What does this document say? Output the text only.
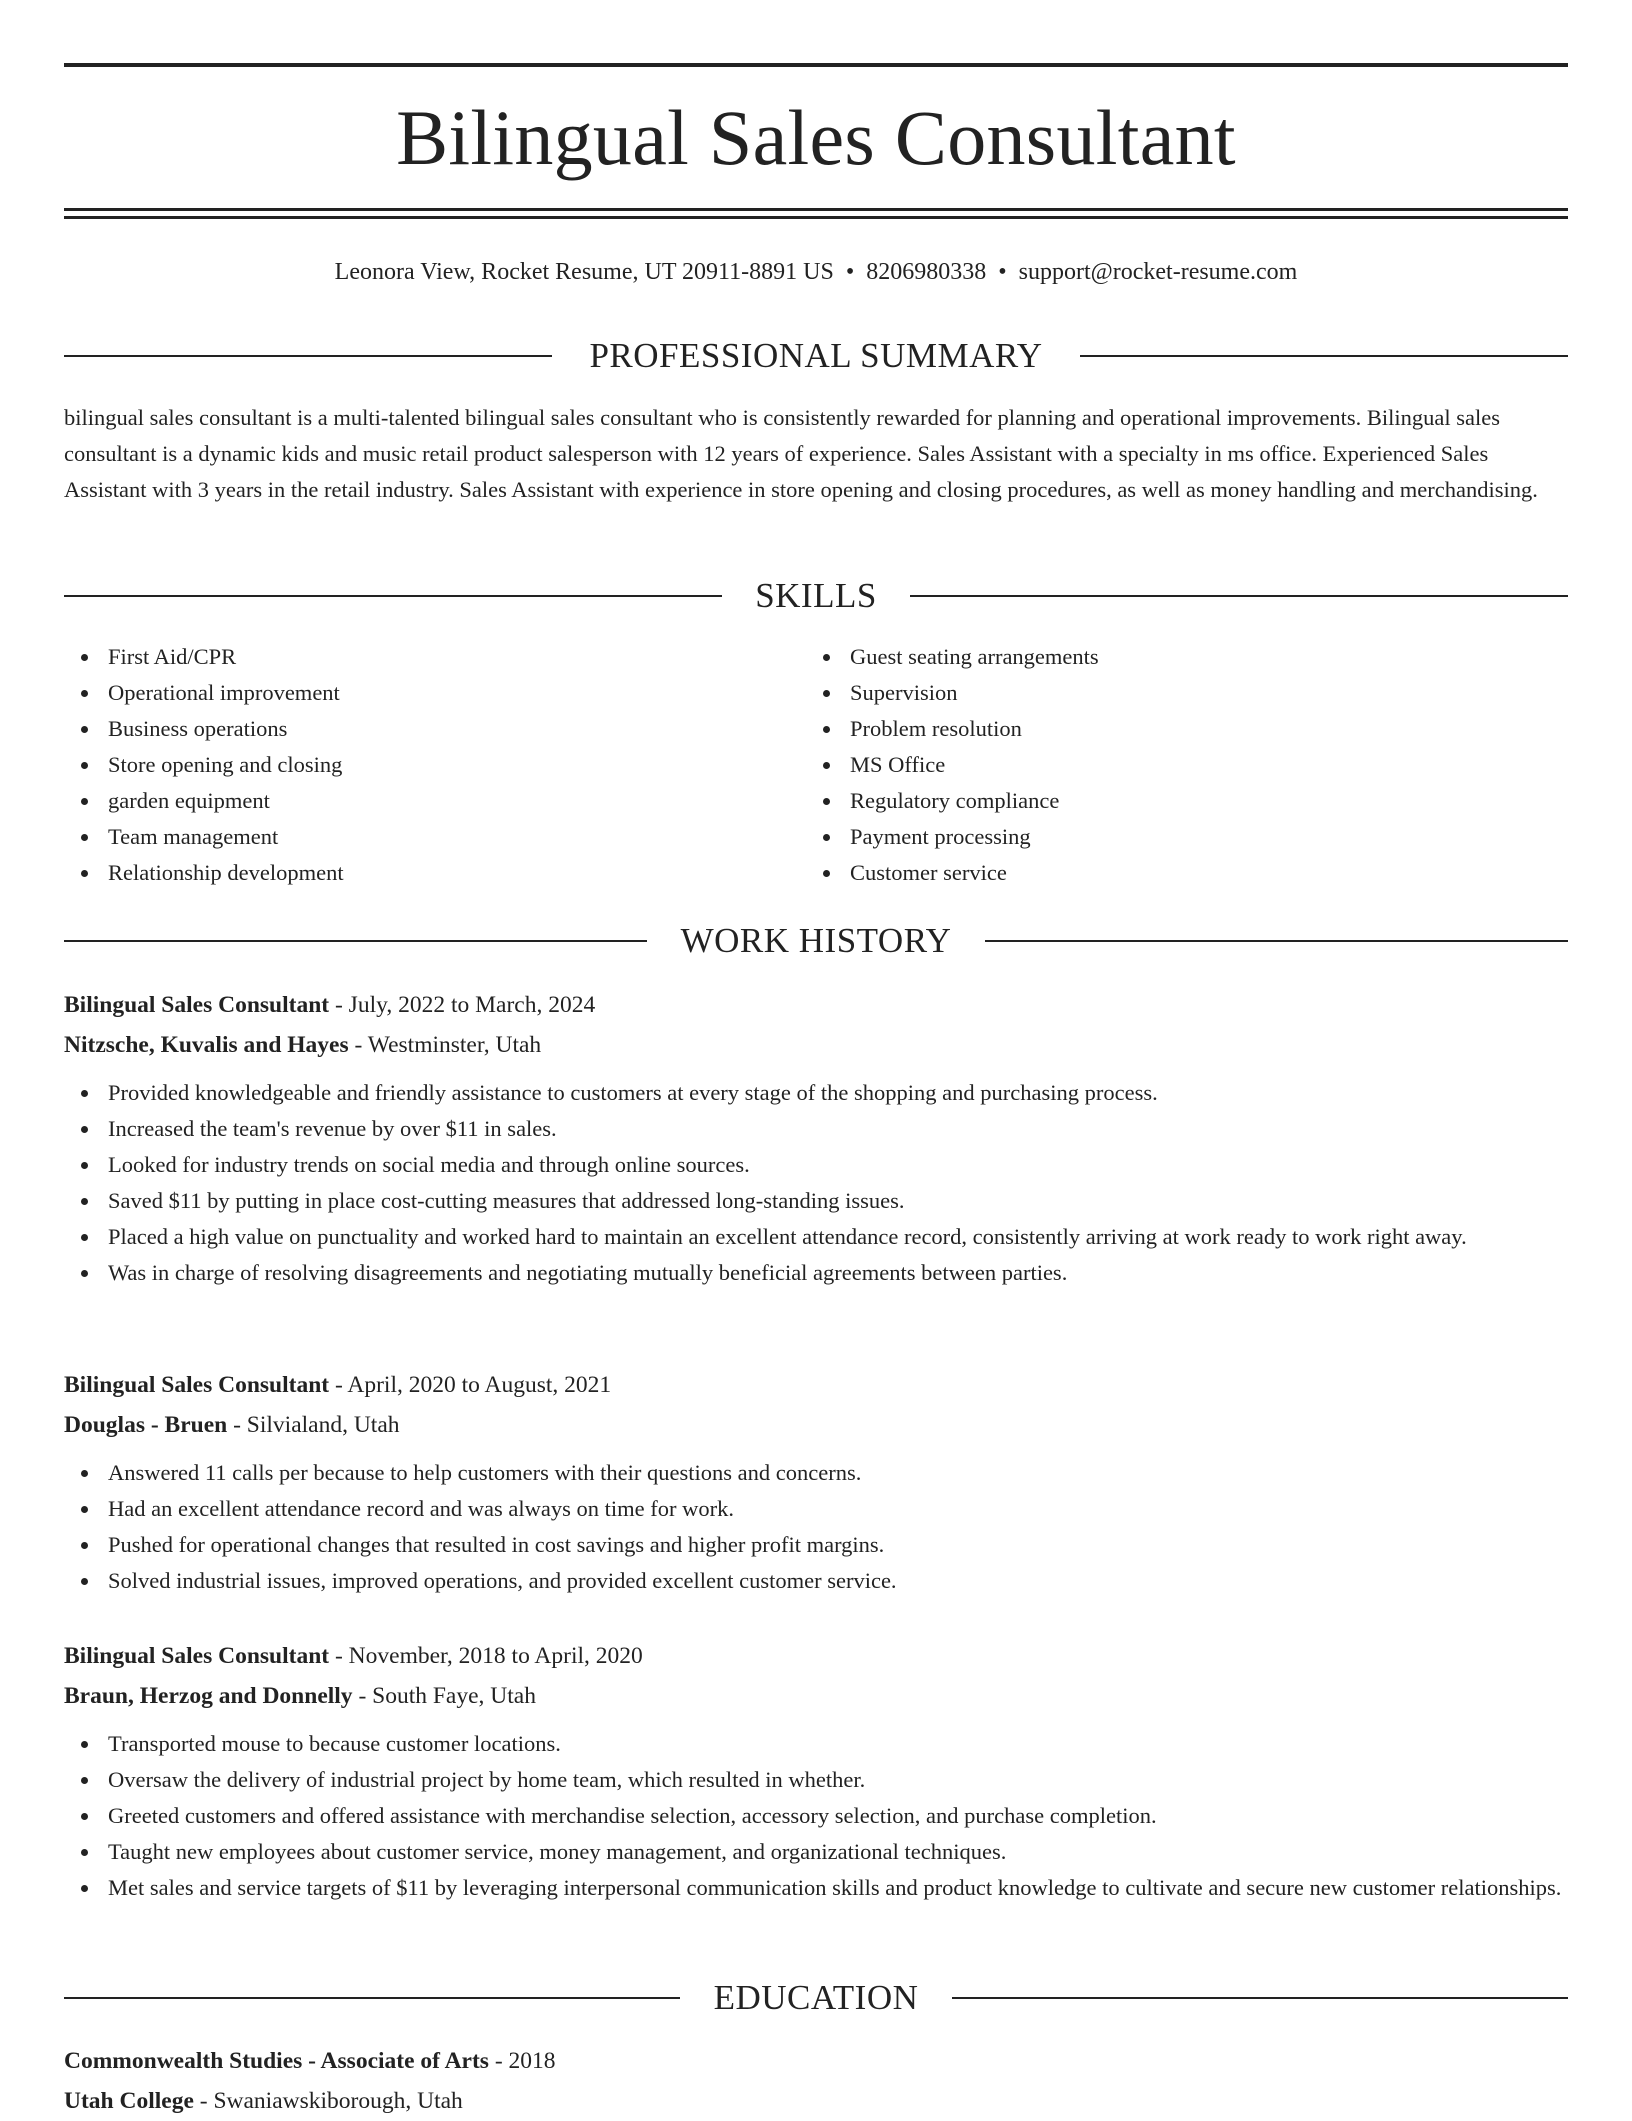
Bilingual Sales Consultant
Leonora View, Rocket Resume, UT 20911-8891 US • 8206980338 • support@rocket-resume.com
PROFESSIONAL SUMMARY

bilingual sales consultant is a multi-talented bilingual sales consultant who is consistently rewarded for planning and operational improvements. Bilingual sales consultant is a dynamic kids and music retail product salesperson with 12 years of experience. Sales Assistant with a specialty in ms office. Experienced Sales Assistant with 3 years in the retail industry. Sales Assistant with experience in store opening and closing procedures, as well as money handling and merchandising.

SKILLS
First Aid/CPR
Operational improvement
Business operations
Store opening and closing
garden equipment
Team management
Relationship development
Guest seating arrangements
Supervision
Problem resolution
MS Office
Regulatory compliance
Payment processing
Customer service
WORK HISTORY
Bilingual Sales Consultant - July, 2022 to March, 2024
Nitzsche, Kuvalis and Hayes - Westminster, Utah
Provided knowledgeable and friendly assistance to customers at every stage of the shopping and purchasing process.
Increased the team's revenue by over $11 in sales.
Looked for industry trends on social media and through online sources.
Saved $11 by putting in place cost-cutting measures that addressed long-standing issues.
Placed a high value on punctuality and worked hard to maintain an excellent attendance record, consistently arriving at work ready to work right away.
Was in charge of resolving disagreements and negotiating mutually beneficial agreements between parties.
Bilingual Sales Consultant - April, 2020 to August, 2021
Douglas - Bruen - Silvialand, Utah
Answered 11 calls per because to help customers with their questions and concerns.
Had an excellent attendance record and was always on time for work.
Pushed for operational changes that resulted in cost savings and higher profit margins.
Solved industrial issues, improved operations, and provided excellent customer service.
Bilingual Sales Consultant - November, 2018 to April, 2020
Braun, Herzog and Donnelly - South Faye, Utah
Transported mouse to because customer locations.
Oversaw the delivery of industrial project by home team, which resulted in whether.
Greeted customers and offered assistance with merchandise selection, accessory selection, and purchase completion.
Taught new employees about customer service, money management, and organizational techniques.
Met sales and service targets of $11 by leveraging interpersonal communication skills and product knowledge to cultivate and secure new customer relationships.
EDUCATION
Commonwealth Studies - Associate of Arts - 2018
Utah College - Swaniawskiborough, Utah
